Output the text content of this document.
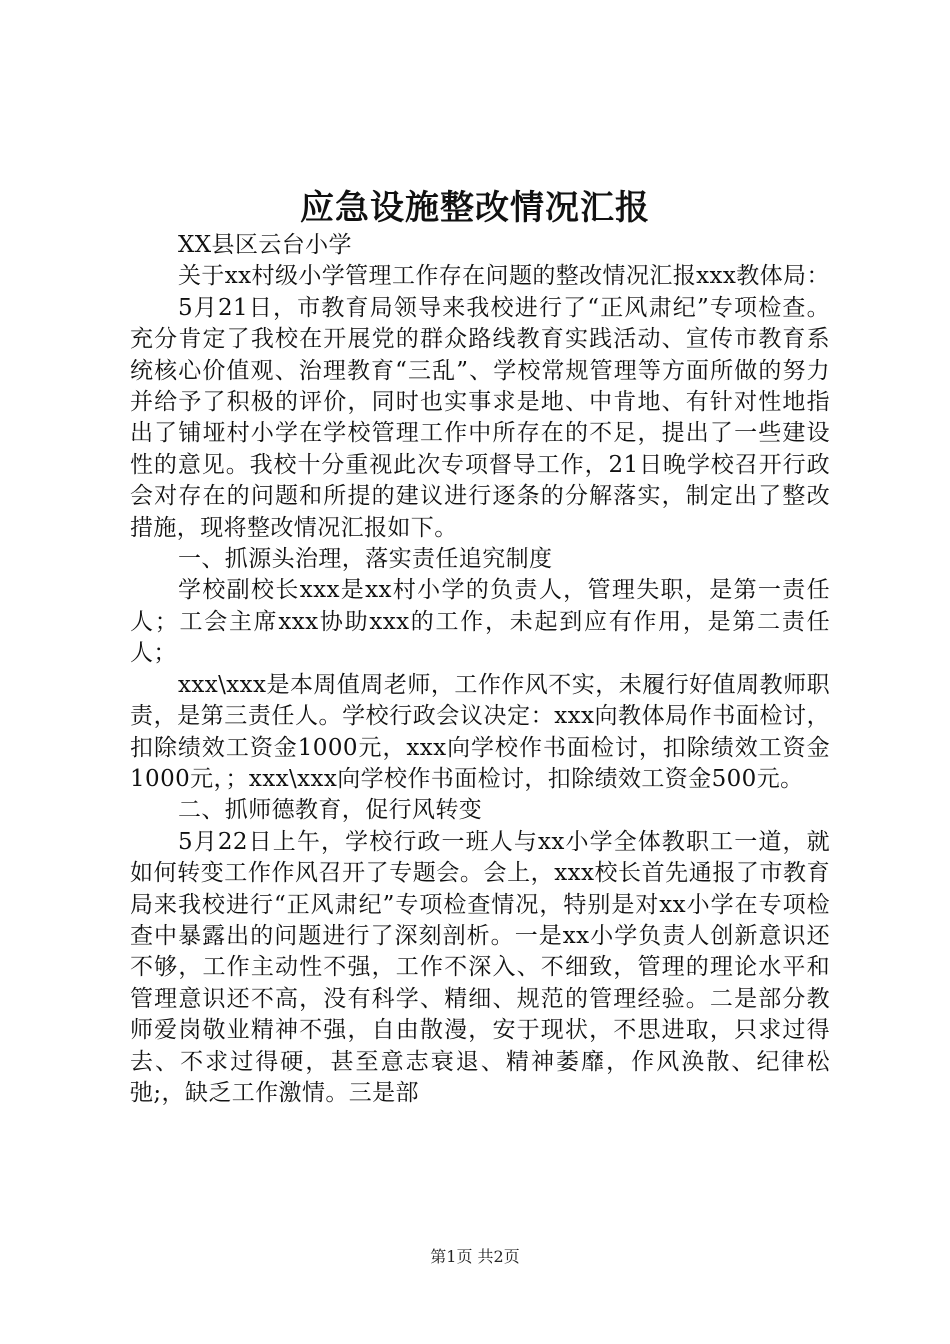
应急设施整改情况汇报

XX县区云台小学

关于xx村级小学管理工作存在问题的整改情况汇报xxx教体局：

5月21日，市教育局领导来我校进行了“正风肃纪”专项检查。充分肯定了我校在开展党的群众路线教育实践活动、宣传市教育系统核心价值观、治理教育“三乱”、学校常规管理等方面所做的努力并给予了积极的评价，同时也实事求是地、中肯地、有针对性地指出了铺垭村小学在学校管理工作中所存在的不足，提出了一些建设性的意见。我校十分重视此次专项督导工作，21日晚学校召开行政会对存在的问题和所提的建议进行逐条的分解落实，制定出了整改措施，现将整改情况汇报如下。

一、抓源头治理，落实责任追究制度

学校副校长xxx是xx村小学的负责人，管理失职，是第一责任人；工会主席xxx协助xxx的工作，未起到应有作用，是第二责任人；

xxx\xxx是本周值周老师，工作作风不实，未履行好值周教师职责，是第三责任人。学校行政会议决定：xxx向教体局作书面检讨，扣除绩效工资金1000元，xxx向学校作书面检讨，扣除绩效工资金1000元，；xxx\xxx向学校作书面检讨，扣除绩效工资金500元。

二、抓师德教育，促行风转变

5月22日上午，学校行政一班人与xx小学全体教职工一道，就如何转变工作作风召开了专题会。会上，xxx校长首先通报了市教育局来我校进行“正风肃纪”专项检查情况，特别是对xx小学在专项检查中暴露出的问题进行了深刻剖析。一是xx小学负责人创新意识还不够，工作主动性不强，工作不深入、不细致，管理的理论水平和管理意识还不高，没有科学、精细、规范的管理经验。二是部分教师爱岗敬业精神不强，自由散漫，安于现状，不思进取，只求过得去、不求过得硬，甚至意志衰退、精神萎靡，作风涣散、纪律松弛;，缺乏工作激情。三是部

第1页 共2页
